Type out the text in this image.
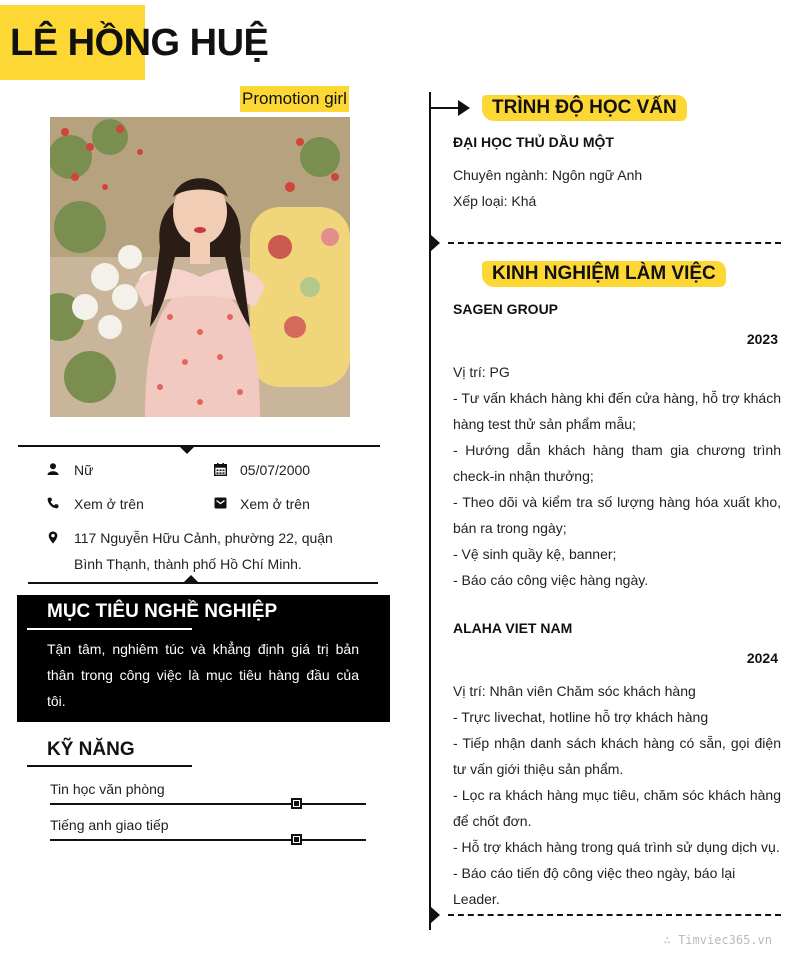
LÊ HỒNG HUỆ
Promotion girl
Nữ	05/07/2000
Xem ở trên	Xem ở trên
117 Nguyễn Hữu Cảnh, phường 22, quận
Bình Thạnh, thành phố Hồ Chí Minh.
MỤC TIÊU NGHỀ NGHIỆP
Tận tâm, nghiêm túc và khẳng định giá trị bản
thân trong công việc là mục tiêu hàng đầu của
tôi.
KỸ NĂNG
Tin học văn phòng
Tiếng anh giao tiếp
TRÌNH ĐỘ HỌC VẤN
ĐẠI HỌC THỦ DẦU MỘT
Chuyên ngành: Ngôn ngữ Anh
Xếp loại: Khá
KINH NGHIỆM LÀM VIỆC
SAGEN GROUP
2023
Vị trí: PG
- Tư vấn khách hàng khi đến cửa hàng, hỗ trợ khách
hàng test thử sản phẩm mẫu;
- Hướng dẫn khách hàng tham gia chương trình
check-in nhận thưởng;
- Theo dõi và kiểm tra số lượng hàng hóa xuất kho,
bán ra trong ngày;
- Vệ sinh quầy kệ, banner;
- Báo cáo công việc hàng ngày.
ALAHA VIET NAM
2024
Vị trí: Nhân viên Chăm sóc khách hàng
- Trực livechat, hotline hỗ trợ khách hàng
- Tiếp nhận danh sách khách hàng có sẵn, gọi điện
tư vấn giới thiệu sản phẩm.
- Lọc ra khách hàng mục tiêu, chăm sóc khách hàng
để chốt đơn.
- Hỗ trợ khách hàng trong quá trình sử dụng dịch vụ.
- Báo cáo tiến độ công việc theo ngày, báo lại Leader.
∴ Timviec365.vn
